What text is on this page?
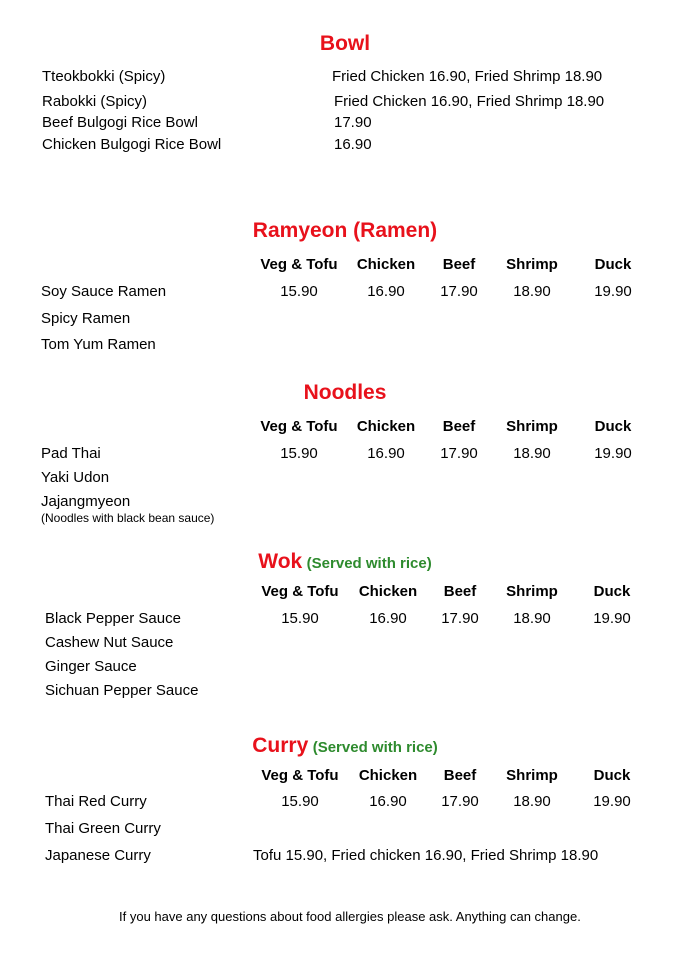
Bowl
Tteokbokki (Spicy)	Fried Chicken 16.90, Fried Shrimp 18.90
Rabokki (Spicy)	Fried Chicken 16.90, Fried Shrimp 18.90
Beef Bulgogi Rice Bowl	17.90
Chicken Bulgogi Rice Bowl	16.90
Ramyeon (Ramen)
Veg & Tofu	Chicken	Beef	Shrimp	Duck
Soy Sauce Ramen	15.90	16.90	17.90	18.90	19.90
Spicy Ramen
Tom Yum Ramen
Noodles
Veg & Tofu	Chicken	Beef	Shrimp	Duck
Pad Thai	15.90	16.90	17.90	18.90	19.90
Yaki Udon
Jajangmyeon
(Noodles with black bean sauce)
Wok (Served with rice)
Veg & Tofu	Chicken	Beef	Shrimp	Duck
Black Pepper Sauce	15.90	16.90	17.90	18.90	19.90
Cashew Nut Sauce
Ginger Sauce
Sichuan Pepper Sauce
Curry (Served with rice)
Veg & Tofu	Chicken	Beef	Shrimp	Duck
Thai Red Curry	15.90	16.90	17.90	18.90	19.90
Thai Green Curry
Japanese Curry	Tofu 15.90, Fried chicken 16.90, Fried Shrimp 18.90
If you have any questions about food allergies please ask. Anything can change.
